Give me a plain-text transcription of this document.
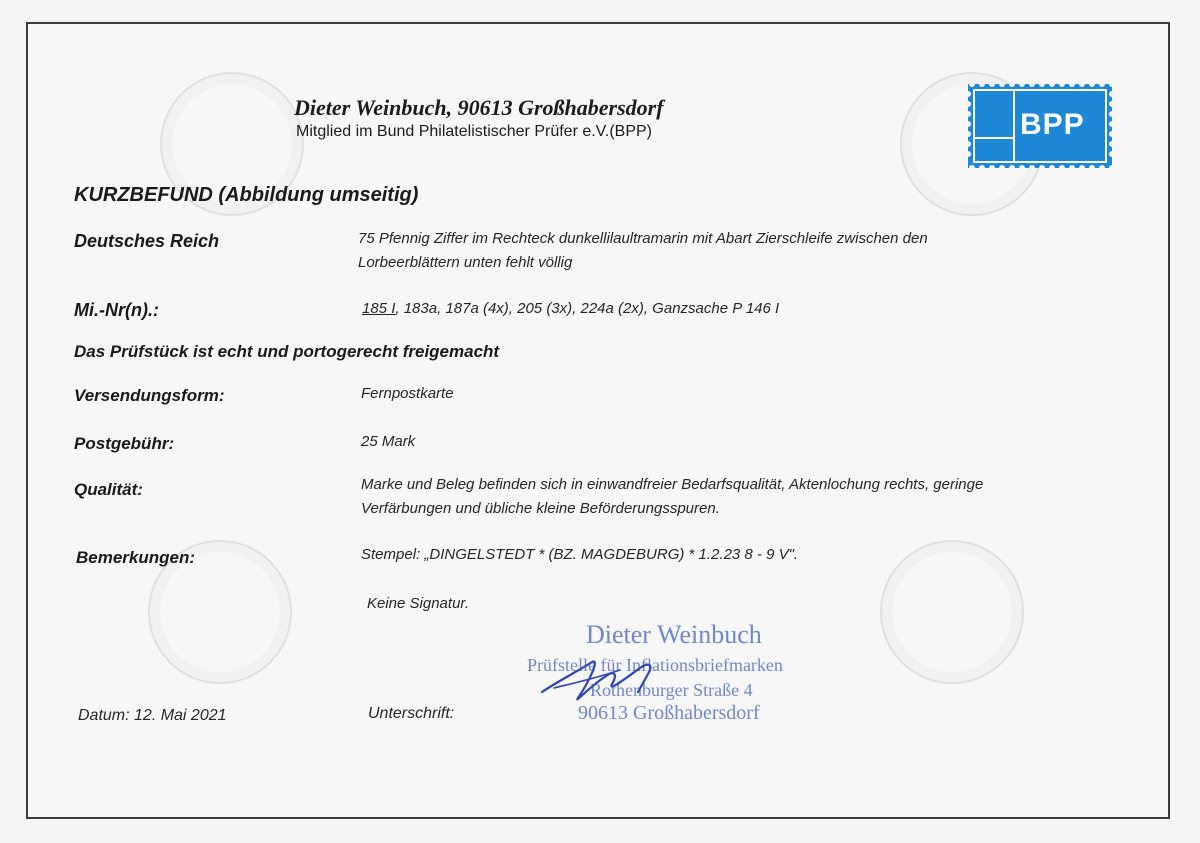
Dieter Weinbuch, 90613 Großhabersdorf
Mitglied im Bund Philatelistischer Prüfer e.V.(BPP)	BPP
KURZBEFUND (Abbildung umseitig)
Deutsches Reich	75 Pfennig Ziffer im Rechteck dunkellilaultramarin mit Abart Zierschleife zwischen den
Lorbeerblättern unten fehlt völlig
Mi.-Nr(n).:	185 I, 183a, 187a (4x), 205 (3x), 224a (2x), Ganzsache P 146 I
Das Prüfstück ist echt und portogerecht freigemacht
Versendungsform:	Fernpostkarte
Postgebühr:	25 Mark
Qualität:	Marke und Beleg befinden sich in einwandfreier Bedarfsqualität, Aktenlochung rechts, geringe
Verfärbungen und übliche kleine Beförderungsspuren.
Bemerkungen:	Stempel: „DINGELSTEDT * (BZ. MAGDEBURG) * 1.2.23 8 - 9 V".
Keine Signatur.
Datum: 12. Mai 2021	Unterschrift:
Dieter Weinbuch
Prüfstelle für Inflationsbriefmarken
Rothenburger Straße 4
90613 Großhabersdorf
